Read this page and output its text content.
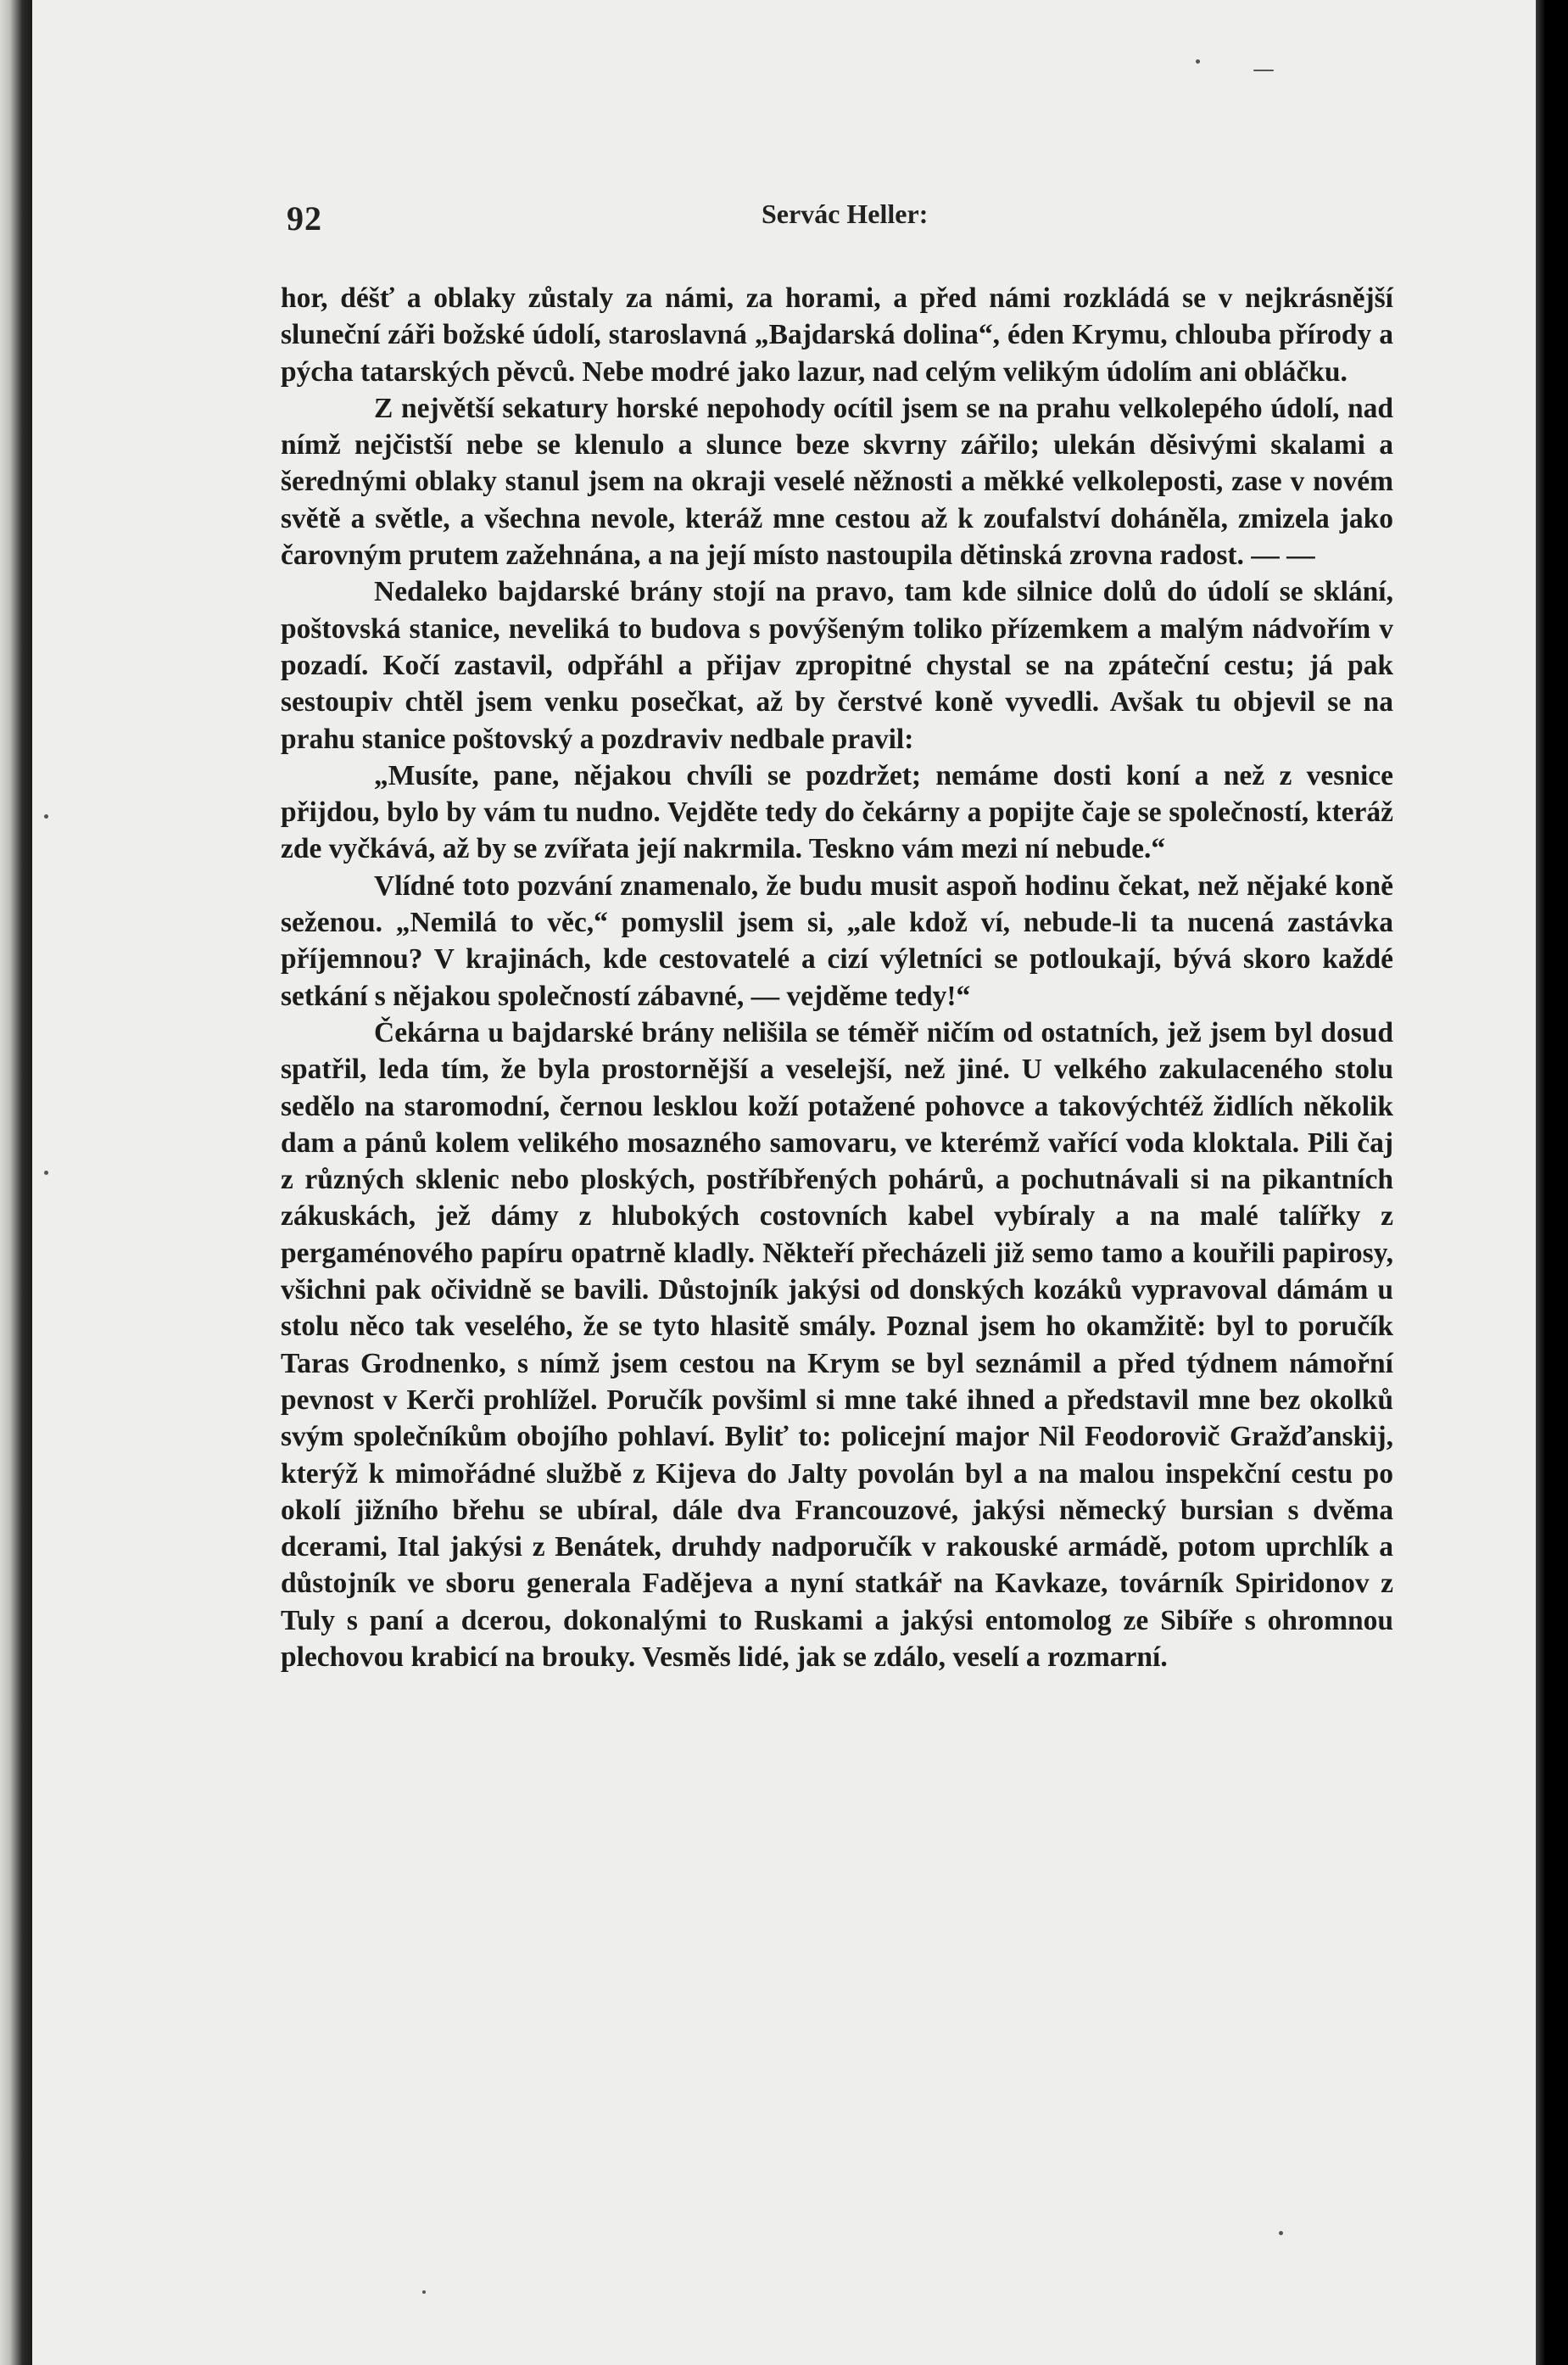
92	Servác Heller:

hor, déšť a oblaky zůstaly za námi, za horami, a před námi rozkládá se v nejkrásnější sluneční záři božské údolí, staroslavná „Bajdarská dolina“, éden Krymu, chlouba přírody a pýcha tatarských pěvců. Nebe modré jako lazur, nad celým velikým údolím ani obláčku.

Z největší sekatury horské nepohody ocítil jsem se na prahu velkolepého údolí, nad nímž nejčistší nebe se klenulo a slunce beze skvrny zářilo; ulekán děsivými skalami a šerednými oblaky stanul jsem na okraji veselé něžnosti a měkké velkoleposti, zase v novém světě a světle, a všechna nevole, kteráž mne cestou až k zoufalství doháněla, zmizela jako čarovným prutem zažehnána, a na její místo nastoupila dětinská zrovna radost. — —

Nedaleko bajdarské brány stojí na pravo, tam kde silnice dolů do údolí se sklání, poštovská stanice, neveliká to budova s povýšeným toliko přízemkem a malým nádvořím v pozadí. Kočí zastavil, odpřáhl a přijav zpropitné chystal se na zpáteční cestu; já pak sestoupiv chtěl jsem venku posečkat, až by čerstvé koně vyvedli. Avšak tu objevil se na prahu stanice poštovský a pozdraviv nedbale pravil:

„Musíte, pane, nějakou chvíli se pozdržet; nemáme dosti koní a než z vesnice přijdou, bylo by vám tu nudno. Vejděte tedy do čekárny a popijte čaje se společností, kteráž zde vyčkává, až by se zvířata její nakrmila. Teskno vám mezi ní nebude.“

Vlídné toto pozvání znamenalo, že budu musit aspoň hodinu čekat, než nějaké koně seženou. „Nemilá to věc,“ pomyslil jsem si, „ale kdož ví, nebude-li ta nucená zastávka příjemnou? V krajinách, kde cestovatelé a cizí výletníci se potloukají, bývá skoro každé setkání s nějakou společností zábavné, — vejděme tedy!“

Čekárna u bajdarské brány nelišila se téměř ničím od ostatních, jež jsem byl dosud spatřil, leda tím, že byla prostornější a veselejší, než jiné. U velkého zakulaceného stolu sedělo na staromodní, černou lesklou koží potažené pohovce a takovýchtéž židlích několik dam a pánů kolem velikého mosazného samovaru, ve kterémž vařící voda kloktala. Pili čaj z různých sklenic nebo ploských, postříbřených pohárů, a pochutnávali si na pikantních zákuskách, jež dámy z hlubokých costovních kabel vybíraly a na malé talířky z pergaménového papíru opatrně kladly. Někteří přecházeli již semo tamo a kouřili papirosy, všichni pak očividně se bavili. Důstojník jakýsi od donských kozáků vypravoval dámám u stolu něco tak veselého, že se tyto hlasitě smály. Poznal jsem ho okamžitě: byl to poručík Taras Grodnenko, s nímž jsem cestou na Krym se byl seznámil a před týdnem námořní pevnost v Kerči prohlížel. Poručík povšiml si mne také ihned a představil mne bez okolků svým společníkům obojího pohlaví. Byliť to: policejní major Nil Feodorovič Gražďanskij, kterýž k mimořádné službě z Kijeva do Jalty povolán byl a na malou inspekční cestu po okolí jižního břehu se ubíral, dále dva Francouzové, jakýsi německý bursian s dvěma dcerami, Ital jakýsi z Benátek, druhdy nadporučík v rakouské armádě, potom uprchlík a důstojník ve sboru generala Fadějeva a nyní statkář na Kavkaze, továrník Spiridonov z Tuly s paní a dcerou, dokonalými to Ruskami a jakýsi entomolog ze Sibíře s ohromnou plechovou krabicí na brouky. Vesměs lidé, jak se zdálo, veselí a rozmarní.
